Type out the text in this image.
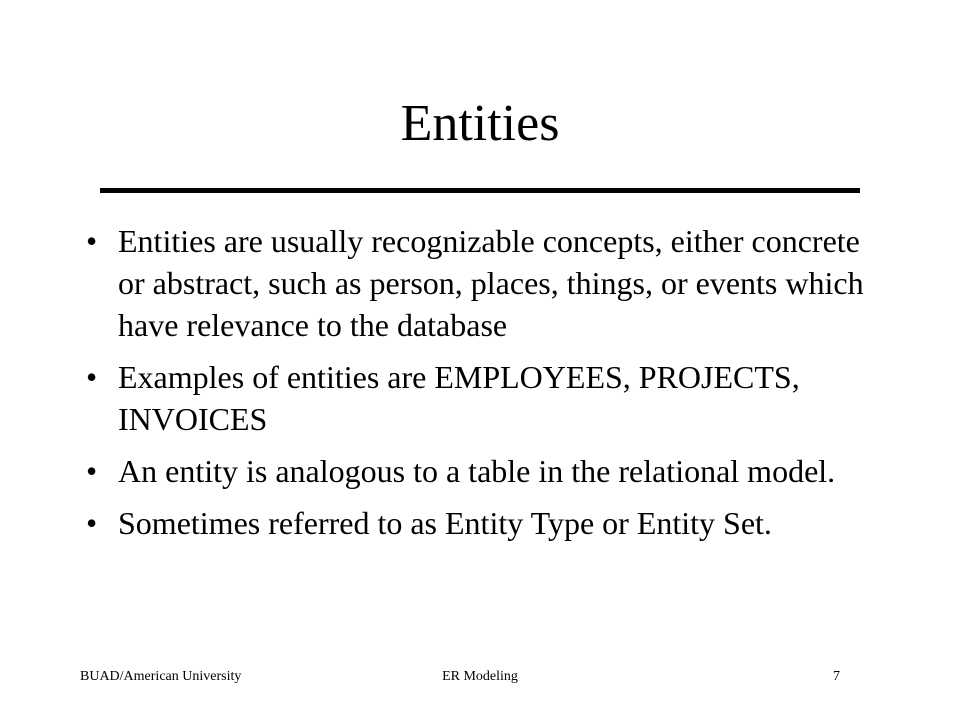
Entities
• Entities are usually recognizable concepts, either concrete or abstract, such as person, places, things, or events which have relevance to the database
• Examples of entities are EMPLOYEES, PROJECTS, INVOICES
• An entity is analogous to a table in the relational model.
• Sometimes referred to as Entity Type or Entity Set.
BUAD/American University	ER Modeling	7
